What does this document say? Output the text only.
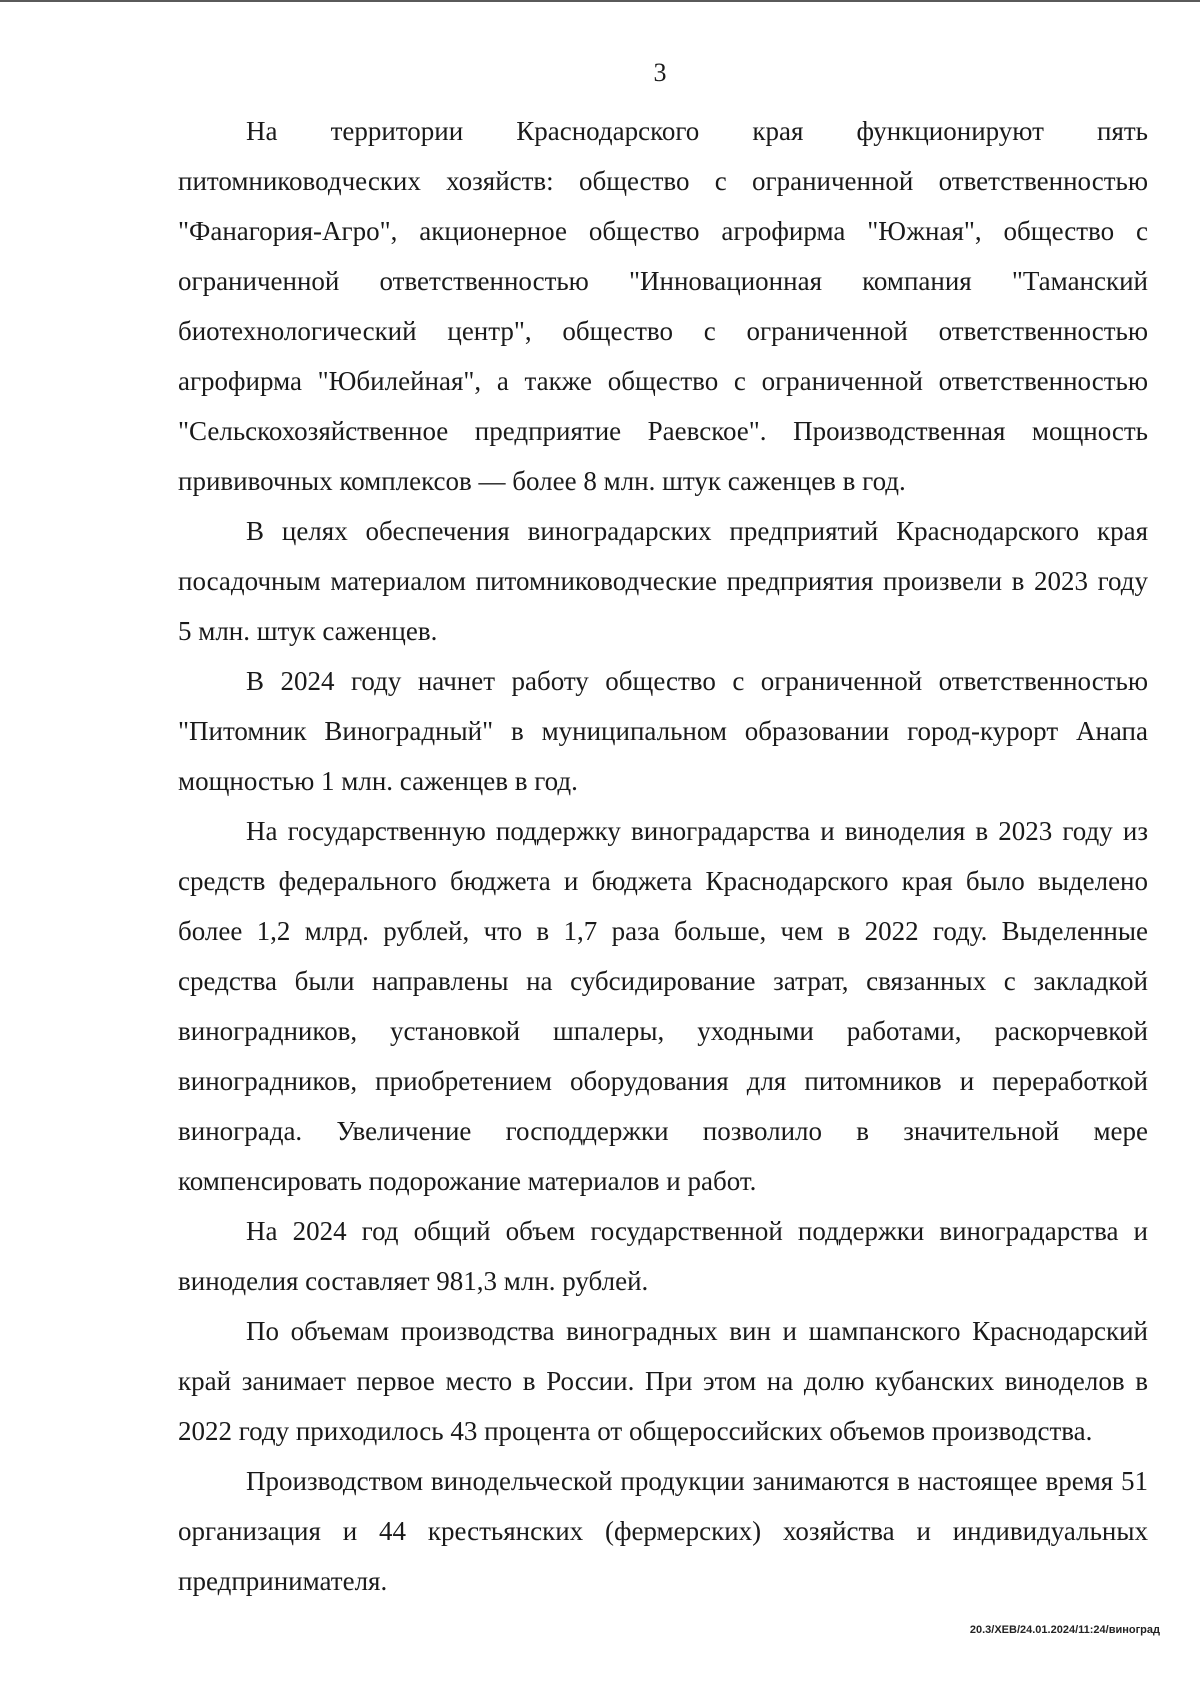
3

На территории Краснодарского края функционируют пять питомниководческих хозяйств: общество с ограниченной ответственностью "Фанагория-Агро", акционерное общество агрофирма "Южная", общество с ограниченной ответственностью "Инновационная компания "Таманский биотехнологический центр", общество с ограниченной ответственностью агрофирма "Юбилейная", а также общество с ограниченной ответственностью "Сельскохозяйственное предприятие Раевское". Производственная мощность прививочных комплексов — более 8 млн. штук саженцев в год.

В целях обеспечения виноградарских предприятий Краснодарского края посадочным материалом питомниководческие предприятия произвели в 2023 году 5 млн. штук саженцев.

В 2024 году начнет работу общество с ограниченной ответственностью "Питомник Виноградный" в муниципальном образовании город-курорт Анапа мощностью 1 млн. саженцев в год.

На государственную поддержку виноградарства и виноделия в 2023 году из средств федерального бюджета и бюджета Краснодарского края было выделено более 1,2 млрд. рублей, что в 1,7 раза больше, чем в 2022 году. Выделенные средства были направлены на субсидирование затрат, связанных с закладкой виноградников, установкой шпалеры, уходными работами, раскорчевкой виноградников, приобретением оборудования для питомников и переработкой винограда. Увеличение господдержки позволило в значительной мере компенсировать подорожание материалов и работ.

На 2024 год общий объем государственной поддержки виноградарства и виноделия составляет 981,3 млн. рублей.

По объемам производства виноградных вин и шампанского Краснодарский край занимает первое место в России. При этом на долю кубанских виноделов в 2022 году приходилось 43 процента от общероссийских объемов производства.

Производством винодельческой продукции занимаются в настоящее время 51 организация и 44 крестьянских (фермерских) хозяйства и индивидуальных предпринимателя.

20.3/ХЕВ/24.01.2024/11:24/виноград
